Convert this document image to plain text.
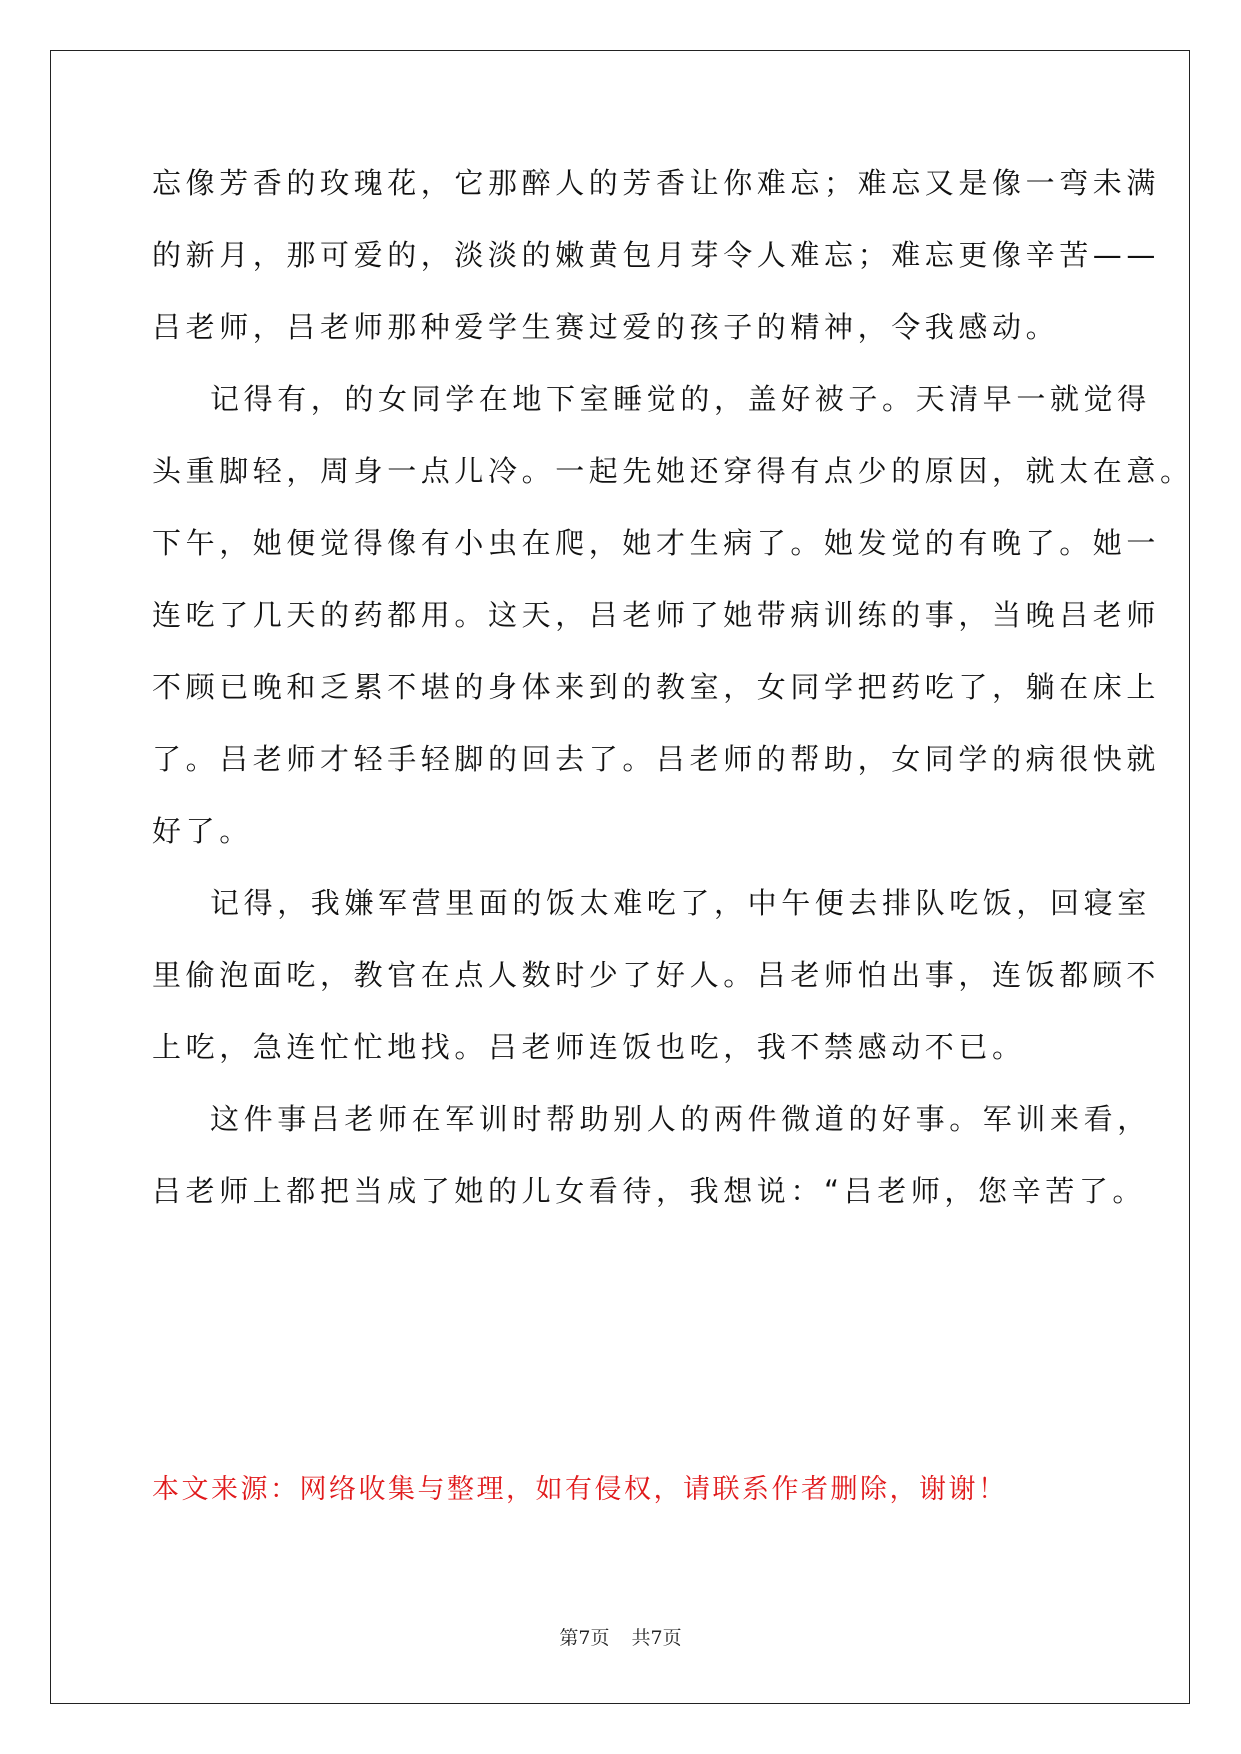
忘像芳香的玫瑰花，它那醉人的芳香让你难忘；难忘又是像一弯未满
的新月，那可爱的，淡淡的嫩黄包月芽令人难忘；难忘更像辛苦——
吕老师，吕老师那种爱学生赛过爱的孩子的精神，令我感动。
记得有，的女同学在地下室睡觉的，盖好被子。天清早一就觉得
头重脚轻，周身一点儿冷。一起先她还穿得有点少的原因，就太在意。
下午，她便觉得像有小虫在爬，她才生病了。她发觉的有晚了。她一
连吃了几天的药都用。这天，吕老师了她带病训练的事，当晚吕老师
不顾已晚和乏累不堪的身体来到的教室，女同学把药吃了，躺在床上
了。吕老师才轻手轻脚的回去了。吕老师的帮助，女同学的病很快就
好了。
记得，我嫌军营里面的饭太难吃了，中午便去排队吃饭，回寝室
里偷泡面吃，教官在点人数时少了好人。吕老师怕出事，连饭都顾不
上吃，急连忙忙地找。吕老师连饭也吃，我不禁感动不已。
这件事吕老师在军训时帮助别人的两件微道的好事。军训来看，
吕老师上都把当成了她的儿女看待，我想说：“吕老师，您辛苦了。
本文来源：网络收集与整理，如有侵权，请联系作者删除，谢谢！
第7页 共7页
